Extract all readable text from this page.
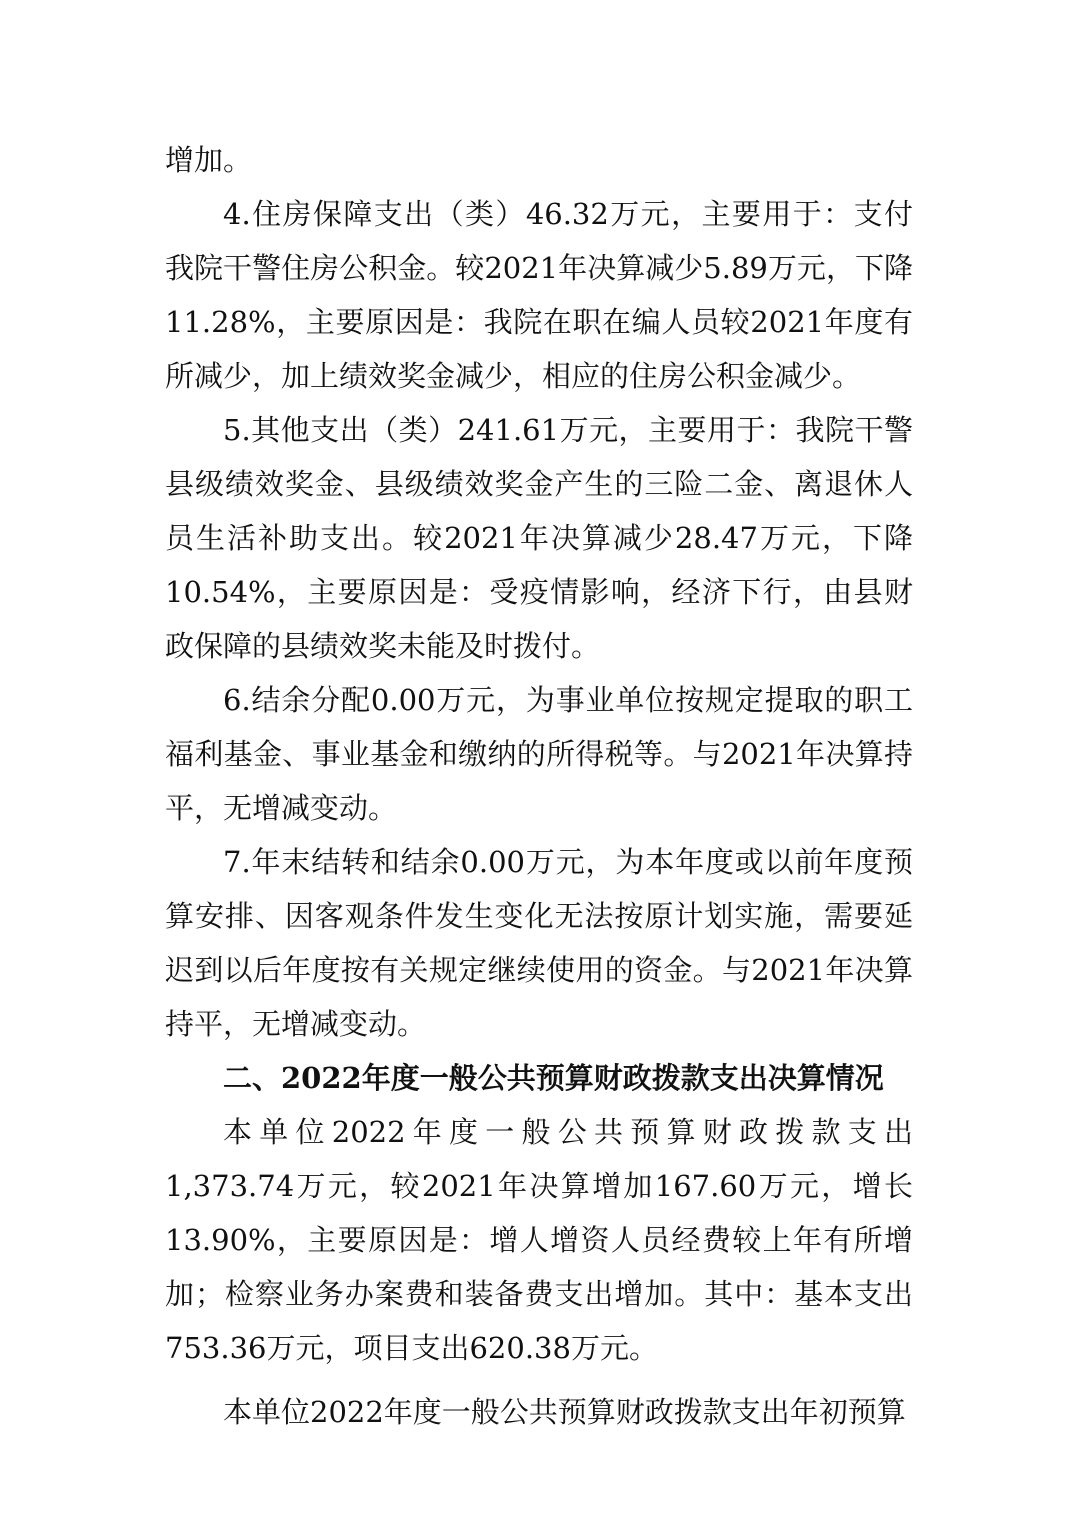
增加。

4.住房保障支出（类）46.32万元，主要用于：支付我院干警住房公积金。较2021年决算减少5.89万元，下降11.28%，主要原因是：我院在职在编人员较2021年度有所减少，加上绩效奖金减少，相应的住房公积金减少。

5.其他支出（类）241.61万元，主要用于：我院干警县级绩效奖金、县级绩效奖金产生的三险二金、离退休人员生活补助支出。较2021年决算减少28.47万元，下降10.54%，主要原因是：受疫情影响，经济下行，由县财政保障的县绩效奖未能及时拨付。

6.结余分配0.00万元，为事业单位按规定提取的职工福利基金、事业基金和缴纳的所得税等。与2021年决算持平，无增减变动。

7.年末结转和结余0.00万元，为本年度或以前年度预算安排、因客观条件发生变化无法按原计划实施，需要延迟到以后年度按有关规定继续使用的资金。与2021年决算持平，无增减变动。

二、2022年度一般公共预算财政拨款支出决算情况

本单位2022年度一般公共预算财政拨款支出1,373.74万元，较2021年决算增加167.60万元，增长13.90%，主要原因是：增人增资人员经费较上年有所增加；检察业务办案费和装备费支出增加。其中：基本支出753.36万元，项目支出620.38万元。

本单位2022年度一般公共预算财政拨款支出年初预算
